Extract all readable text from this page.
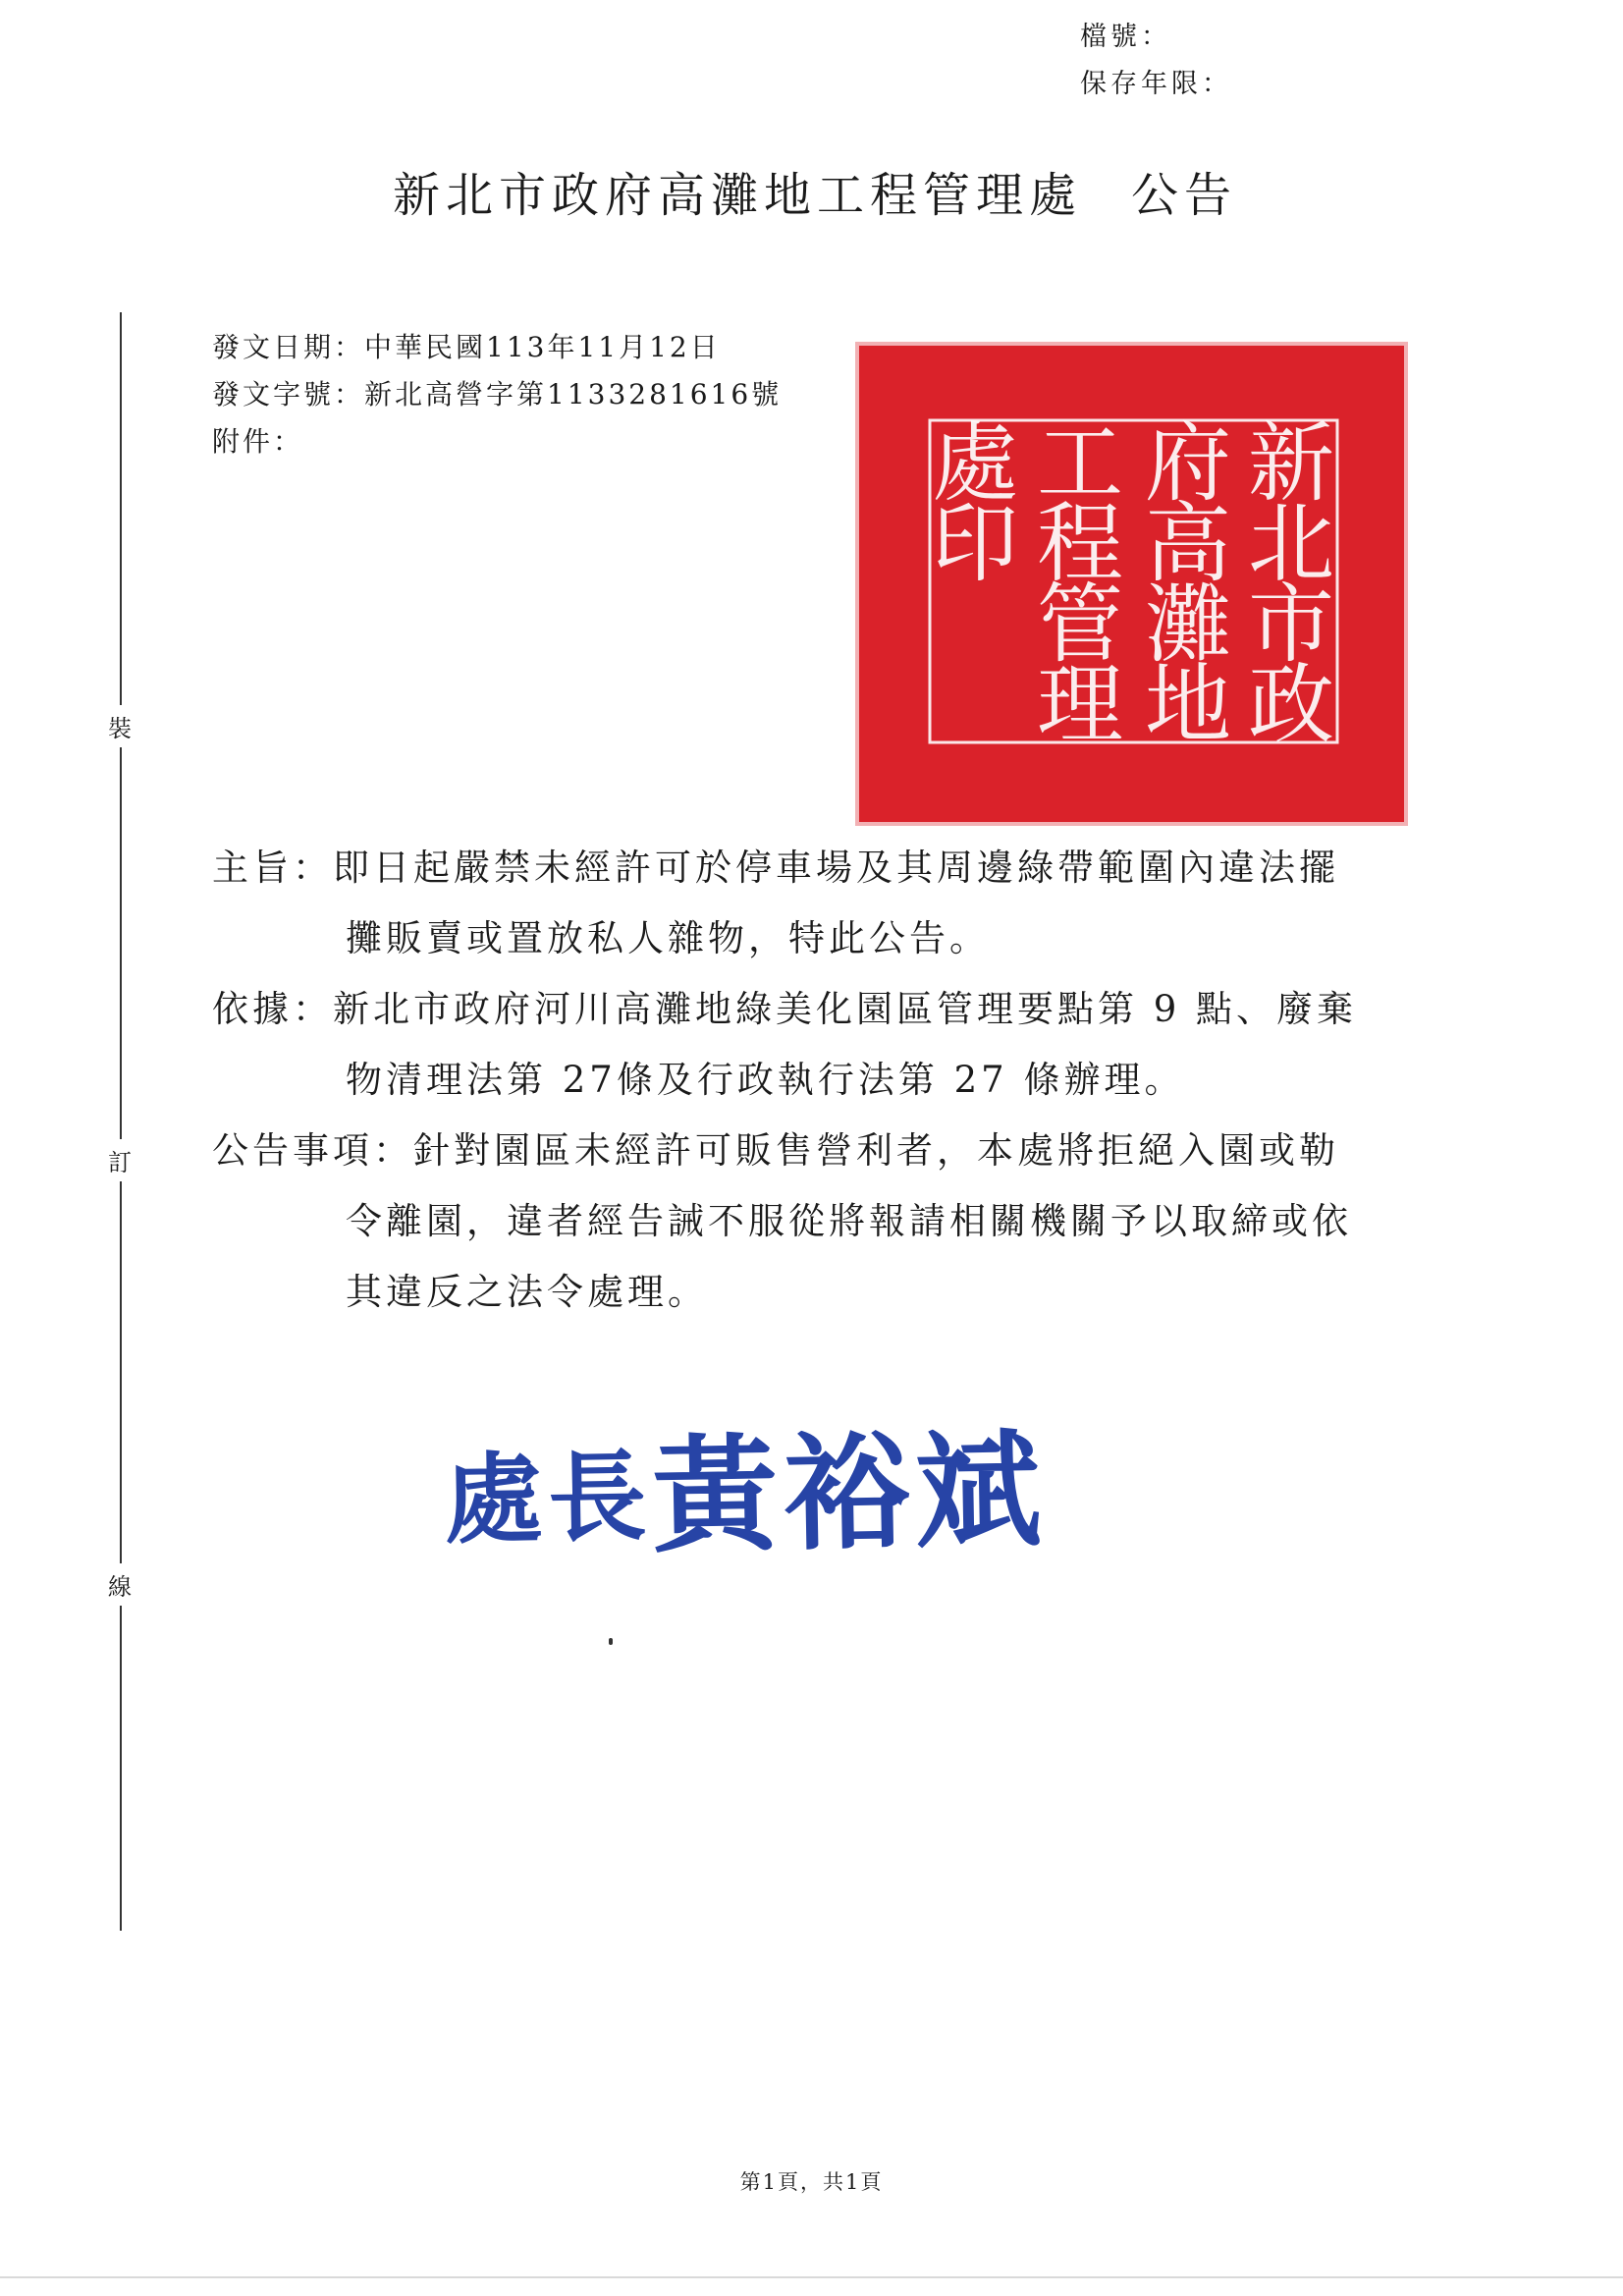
檔號：
保存年限：
新北市政府高灘地工程管理處 公告
裝
訂
線
發文日期：中華民國113年11月12日
發文字號：新北高營字第1133281616號
附件：	新
北
市
政
府
高
灘
地
工
程
管
理
處
印
主旨：即日起嚴禁未經許可於停車場及其周邊綠帶範圍內違法擺
攤販賣或置放私人雜物，特此公告。
依據：新北市政府河川高灘地綠美化園區管理要點第 9 點、廢棄
物清理法第 27條及行政執行法第 27 條辦理。
公告事項：針對園區未經許可販售營利者，本處將拒絕入園或勒
令離園，違者經告誡不服從將報請相關機關予以取締或依
其違反之法令處理。
處長黃裕斌
第1頁，共1頁
